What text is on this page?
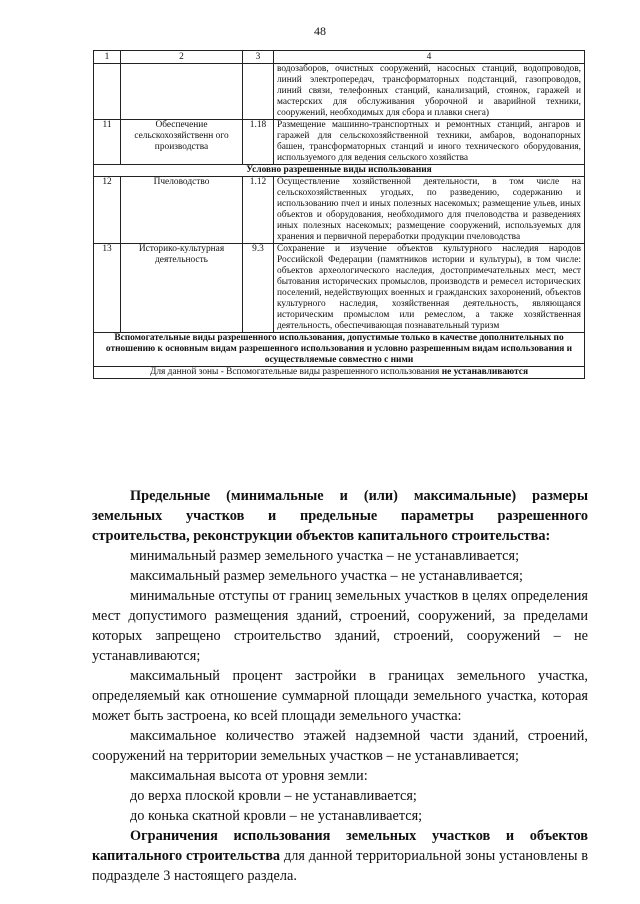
48
1	2	3	4
			водозаборов, очистных сооружений, насосных станций, водопроводов, линий электропередач, трансформаторных подстанций, газопроводов, линий связи, телефонных станций, канализаций, стоянок, гаражей и мастерских для обслуживания уборочной и аварийной техники, сооружений, необходимых для сбора и плавки снега)
11	Обеспечение сельскохозяйственн ого производства	1.18	Размещение машинно-транспортных и ремонтных станций, ангаров и гаражей для сельскохозяйственной техники, амбаров, водонапорных башен, трансформаторных станций и иного технического оборудования, используемого для ведения сельского хозяйства
Условно разрешенные виды использования			
12	Пчеловодство	1.12	Осуществление хозяйственной деятельности, в том числе на сельскохозяйственных угодьях, по разведению, содержанию и использованию пчел и иных полезных насекомых; размещение ульев, иных объектов и оборудования, необходимого для пчеловодства и разведениях иных полезных насекомых; размещение сооружений, используемых для хранения и первичной переработки продукции пчеловодства
13	Историко-культурная деятельность	9.3	Сохранение и изучение объектов культурного наследия народов Российской Федерации (памятников истории и культуры), в том числе: объектов археологического наследия, достопримечательных мест, мест бытования исторических промыслов, производств и ремесел исторических поселений, недействующих военных и гражданских захоронений, объектов культурного наследия, хозяйственная деятельность, являющаяся историческим промыслом или ремеслом, а также хозяйственная деятельность, обеспечивающая познавательный туризм
Вспомогательные виды разрешенного использования, допустимые только в качестве дополнительных по отношению к основным видам разрешенного использования и условно разрешенным видам использования и осуществляемые совместно с ними			
Для данной зоны - Вспомогательные виды разрешенного использования не устанавливаются			

Предельные (минимальные и (или) максимальные) размеры земельных участков и предельные параметры разрешенного строительства, реконструкции объектов капитального строительства:

минимальный размер земельного участка – не устанавливается;

максимальный размер земельного участка – не устанавливается;

минимальные отступы от границ земельных участков в целях определения мест допустимого размещения зданий, строений, сооружений, за пределами которых запрещено строительство зданий, строений, сооружений – не устанавливаются;

максимальный процент застройки в границах земельного участка, определяемый как отношение суммарной площади земельного участка, которая может быть застроена, ко всей площади земельного участка:

максимальное количество этажей надземной части зданий, строений, сооружений на территории земельных участков – не устанавливается;

максимальная высота от уровня земли:

до верха плоской кровли – не устанавливается;

до конька скатной кровли – не устанавливается;

Ограничения использования земельных участков и объектов капитального строительства для данной территориальной зоны установлены в подразделе 3 настоящего раздела.
